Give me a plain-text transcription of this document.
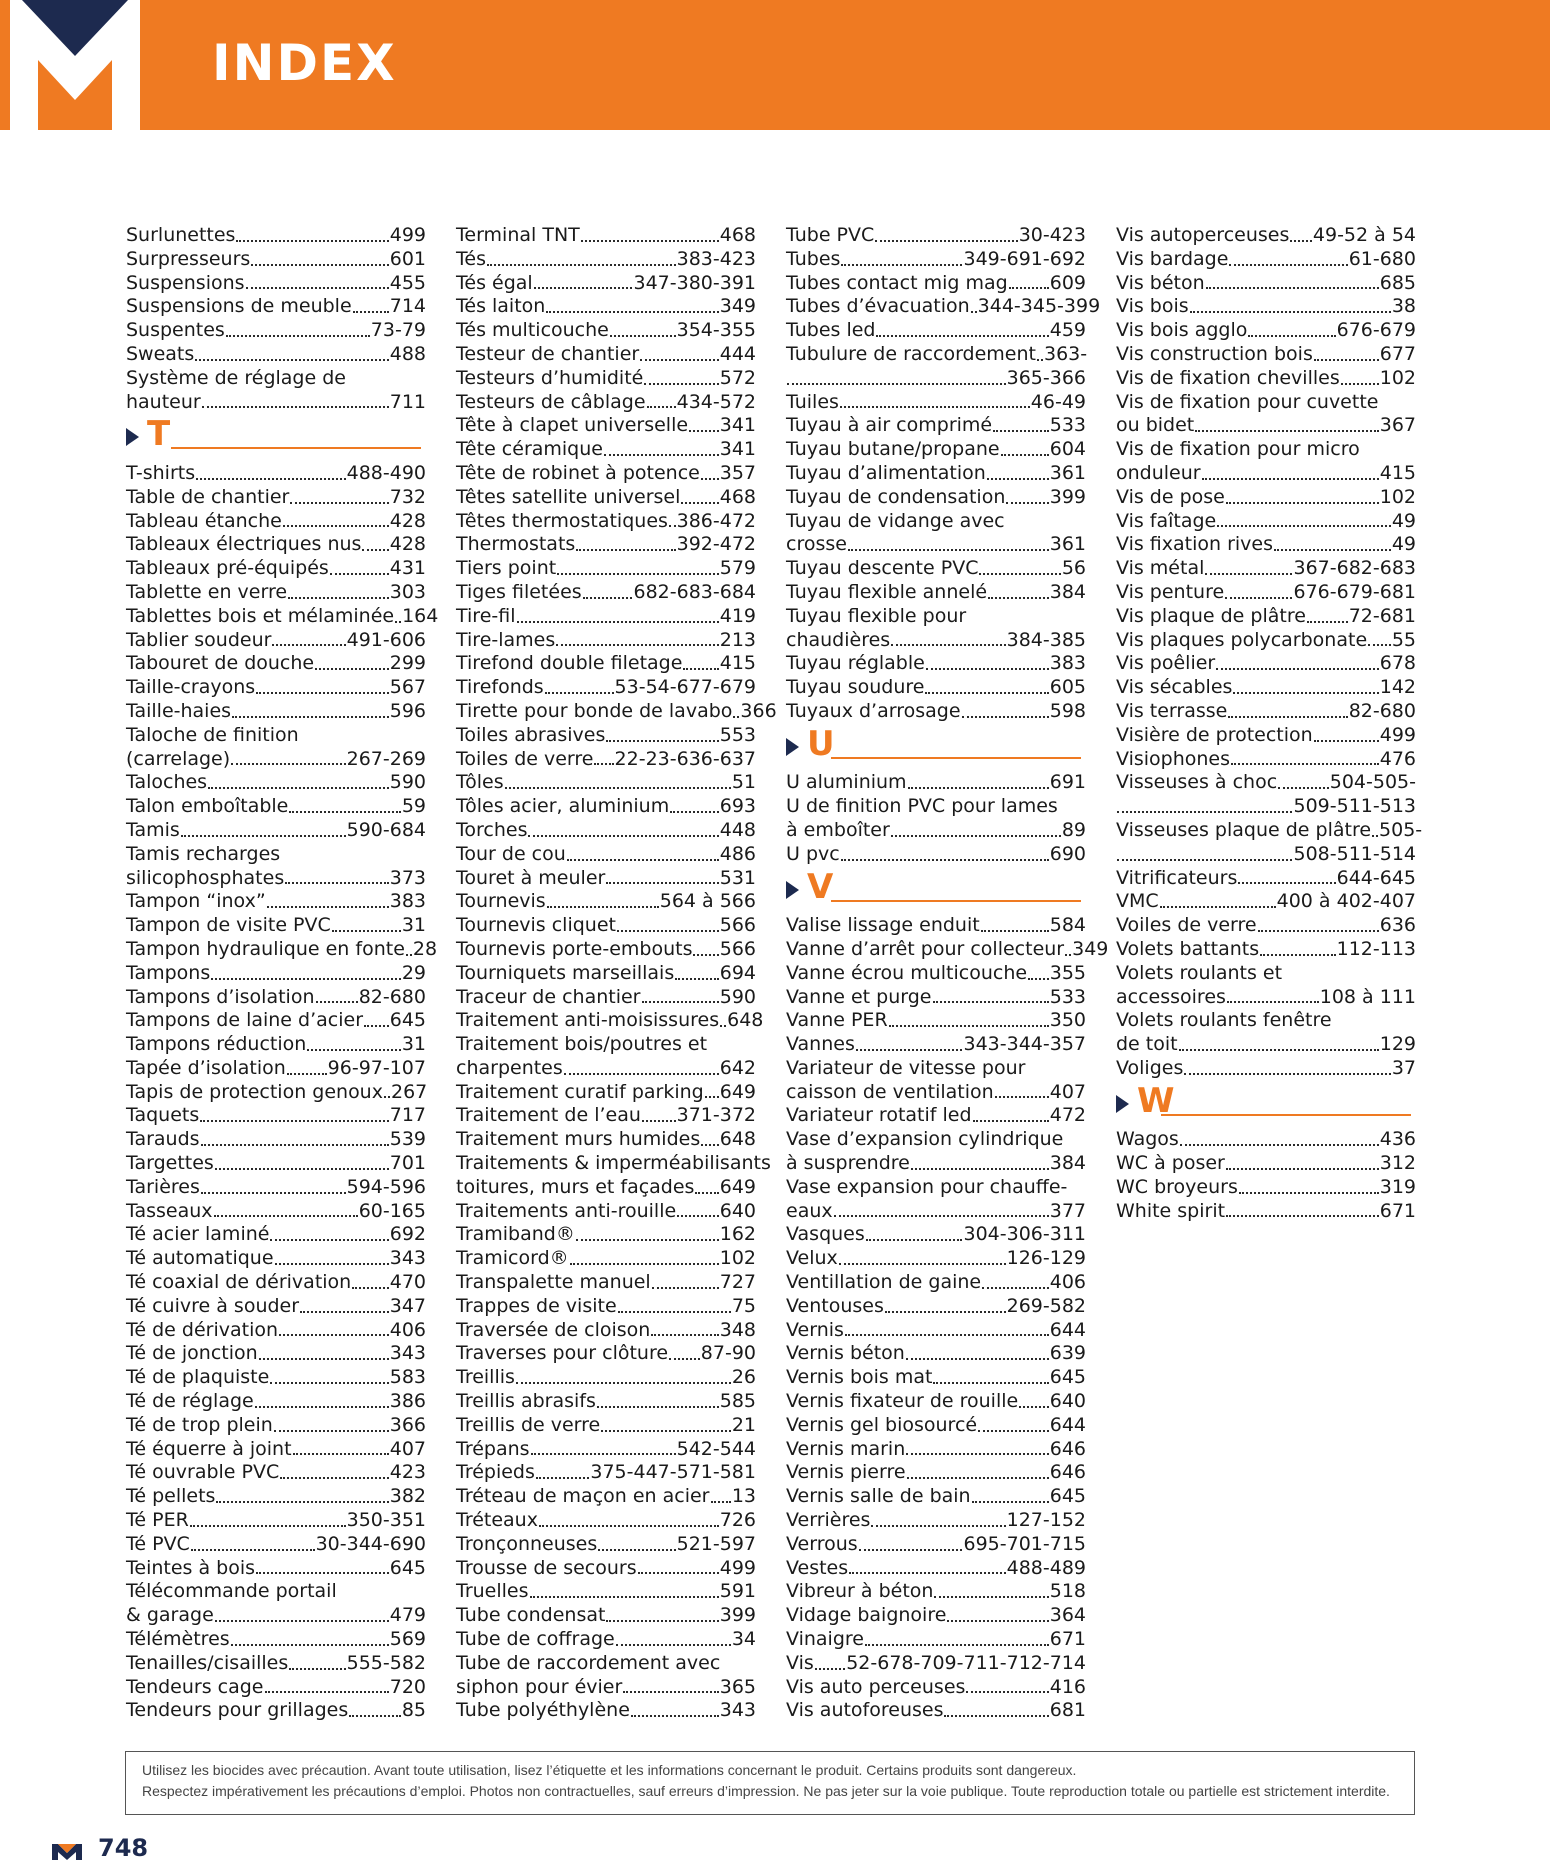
INDEX
Surlunettes	499
Surpresseurs	601
Suspensions	455
Suspensions de meuble 714
Suspentes	73-79
Sweats	488
Système de réglage de
hauteur	711
T
T-shirts	488-490
Table de chantier	732
Tableau étanche	428
Tableaux électriques nus 428
Tableaux pré-équipés	431
Tablette en verre	303
Tablettes bois et mélaminée 164
Tablier soudeur	491-606
Tabouret de douche	299
Taille-crayons	567
Taille-haies	596
Taloche de finition
(carrelage)	267-269
Taloches	590
Talon emboîtable	59
Tamis	590-684
Tamis recharges
silicophosphates	373
Tampon “inox”	383
Tampon de visite PVC	31
Tampon hydraulique en fonte 28
Tampons	29
Tampons d’isolation 82-680
Tampons de laine d’acier 645
Tampons réduction	31
Tapée d’isolation 96-97-107
Tapis de protection genoux 267
Taquets	717
Tarauds	539
Targettes	701
Tarières	594-596
Tasseaux	60-165
Té acier laminé	692
Té automatique	343
Té coaxial de dérivation 470
Té cuivre à souder	347
Té de dérivation	406
Té de jonction	343
Té de plaquiste	583
Té de réglage	386
Té de trop plein	366
Té équerre à joint	407
Té ouvrable PVC	423
Té pellets	382
Té PER	350-351
Té PVC	30-344-690
Teintes à bois	645
Télécommande portail
& garage	479
Télémètres	569
Tenailles/cisailles	555-582
Tendeurs cage	720
Tendeurs pour grillages	85
Terminal TNT	468
Tés	383-423
Tés égal	347-380-391
Tés laiton	349
Tés multicouche	354-355
Testeur de chantier	444
Testeurs d’humidité	572
Testeurs de câblage 434-572
Tête à clapet universelle 341
Tête céramique	341
Tête de robinet à potence 357
Têtes satellite universel 468
Têtes thermostatiques 386-472
Thermostats	392-472
Tiers point	579
Tiges filetées	682-683-684
Tire-fil	419
Tire-lames	213
Tirefond double filetage 415
Tirefonds	53-54-677-679
Tirette pour bonde de lavabo 366
Toiles abrasives	553
Toiles de verre 22-23-636-637
Tôles	51
Tôles acier, aluminium	693
Torches	448
Tour de cou	486
Touret à meuler	531
Tournevis	564 à 566
Tournevis cliquet	566
Tournevis porte-embouts 566
Tourniquets marseillais 694
Traceur de chantier	590
Traitement anti-moisissures 648
Traitement bois/poutres et
charpentes	642
Traitement curatif parking 649
Traitement de l’eau 371-372
Traitement murs humides 648
Traitements & imperméabilisants
toitures, murs et façades 649
Traitements anti-rouille 640
Tramiband®	162
Tramicord®	102
Transpalette manuel	727
Trappes de visite	75
Traversée de cloison	348
Traverses pour clôture 87-90
Treillis	26
Treillis abrasifs	585
Treillis de verre	21
Trépans	542-544
Trépieds	375-447-571-581
Tréteau de maçon en acier 13
Tréteaux	726
Tronçonneuses	521-597
Trousse de secours	499
Truelles	591
Tube condensat	399
Tube de coffrage	34
Tube de raccordement avec
siphon pour évier	365
Tube polyéthylène	343
Tube PVC	30-423
Tubes	349-691-692
Tubes contact mig mag 609
Tubes d’évacuation 344-345-399
Tubes led	459
Tubulure de raccordement 363-
365-366
Tuiles	46-49
Tuyau à air comprimé	533
Tuyau butane/propane	604
Tuyau d’alimentation	361
Tuyau de condensation 399
Tuyau de vidange avec
crosse	361
Tuyau descente PVC	56
Tuyau flexible annelé	384
Tuyau flexible pour
chaudières	384-385
Tuyau réglable	383
Tuyau soudure	605
Tuyaux d’arrosage	598
U
U aluminium	691
U de finition PVC pour lames
à emboîter	89
U pvc	690
V
Valise lissage enduit	584
Vanne d’arrêt pour collecteur 349
Vanne écrou multicouche 355
Vanne et purge	533
Vanne PER	350
Vannes	343-344-357
Variateur de vitesse pour
caisson de ventilation	407
Variateur rotatif led	472
Vase d’expansion cylindrique
à susprendre	384
Vase expansion pour chauffe-
eaux	377
Vasques	304-306-311
Velux	126-129
Ventillation de gaine	406
Ventouses	269-582
Vernis	644
Vernis béton	639
Vernis bois mat	645
Vernis fixateur de rouille 640
Vernis gel biosourcé	644
Vernis marin	646
Vernis pierre	646
Vernis salle de bain	645
Verrières	127-152
Verrous	695-701-715
Vestes	488-489
Vibreur à béton	518
Vidage baignoire	364
Vinaigre	671
Vis 52-678-709-711-712-714
Vis auto perceuses	416
Vis autoforeuses	681
Vis autoperceuses 49-52 à 54
Vis bardage	61-680
Vis béton	685
Vis bois	38
Vis bois agglo	676-679
Vis construction bois	677
Vis de fixation chevilles 102
Vis de fixation pour cuvette
ou bidet	367
Vis de fixation pour micro
onduleur	415
Vis de pose	102
Vis faîtage	49
Vis fixation rives	49
Vis métal	367-682-683
Vis penture	676-679-681
Vis plaque de plâtre 72-681
Vis plaques polycarbonate 55
Vis poêlier	678
Vis sécables	142
Vis terrasse	82-680
Visière de protection	499
Visiophones	476
Visseuses à choc	504-505-
509-511-513
Visseuses plaque de plâtre 505-
508-511-514
Vitrificateurs	644-645
VMC	400 à 402-407
Voiles de verre	636
Volets battants	112-113
Volets roulants et
accessoires	108 à 111
Volets roulants fenêtre
de toit	129
Voliges	37
W
Wagos	436
WC à poser	312
WC broyeurs	319
White spirit	671
Utilisez les biocides avec précaution. Avant toute utilisation, lisez l’étiquette et les informations concernant le produit. Certains produits sont dangereux.
Respectez impérativement les précautions d’emploi. Photos non contractuelles, sauf erreurs d’impression. Ne pas jeter sur la voie publique. Toute reproduction totale ou partielle est strictement interdite.
748
